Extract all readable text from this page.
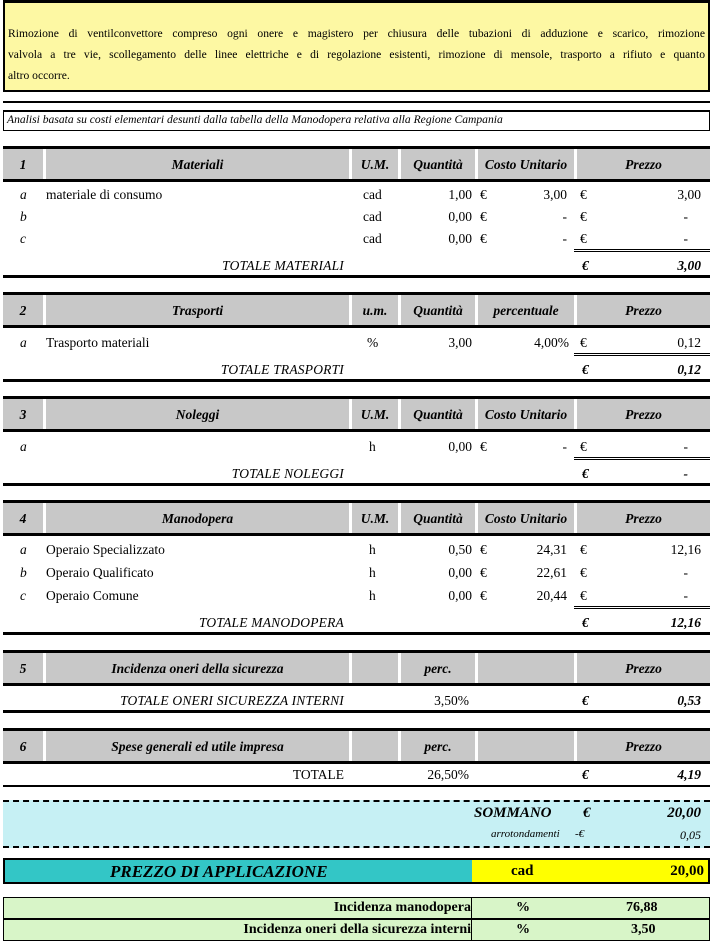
Rimozione di ventilconvettore compreso ogni onere e magistero per chiusura delle tubazioni di adduzione e scarico, rimozione
valvola a tre vie, scollegamento delle linee elettriche e di regolazione esistenti, rimozione di mensole, trasporto a rifiuto e quanto
altro occorre.
Analisi basata su costi elementari desunti dalla tabella della Manodopera relativa alla Regione Campania
1	Materiali	U.M.	Quantità	Costo Unitario	Prezzo
a materiale di consumo	cad	1,00 €	3,00 €	3,00
b	cad	0,00 €	- €	-
c	cad	0,00 €	- €	-
TOTALE MATERIALI	€	3,00
2	Trasporti	u.m.	Quantità	percentuale	Prezzo
a Trasporto materiali	%	3,00	4,00% €	0,12
TOTALE TRASPORTI	€	0,12
3	Noleggi	U.M.	Quantità	Costo Unitario	Prezzo
a	h	0,00 €	- €	-
TOTALE NOLEGGI	€	-
4	Manodopera	U.M.	Quantità	Costo Unitario	Prezzo
a Operaio Specializzato	h	0,50 €	24,31 €	12,16
b Operaio Qualificato	h	0,00 €	22,61 €	-
c Operaio Comune	h	0,00 €	20,44 €	-
TOTALE MANODOPERA	€	12,16
5	Incidenza oneri della sicurezza	perc.	Prezzo
TOTALE ONERI SICUREZZA INTERNI	3,50%	€	0,53
6	Spese generali ed utile impresa	perc.	Prezzo
TOTALE	26,50%	€	4,19
SOMMANO €	20,00
arrotondamenti -€	0,05
PREZZO DI APPLICAZIONE	cad	20,00
Incidenza manodopera	%	76,88
Incidenza oneri della sicurezza interni	%	3,50
